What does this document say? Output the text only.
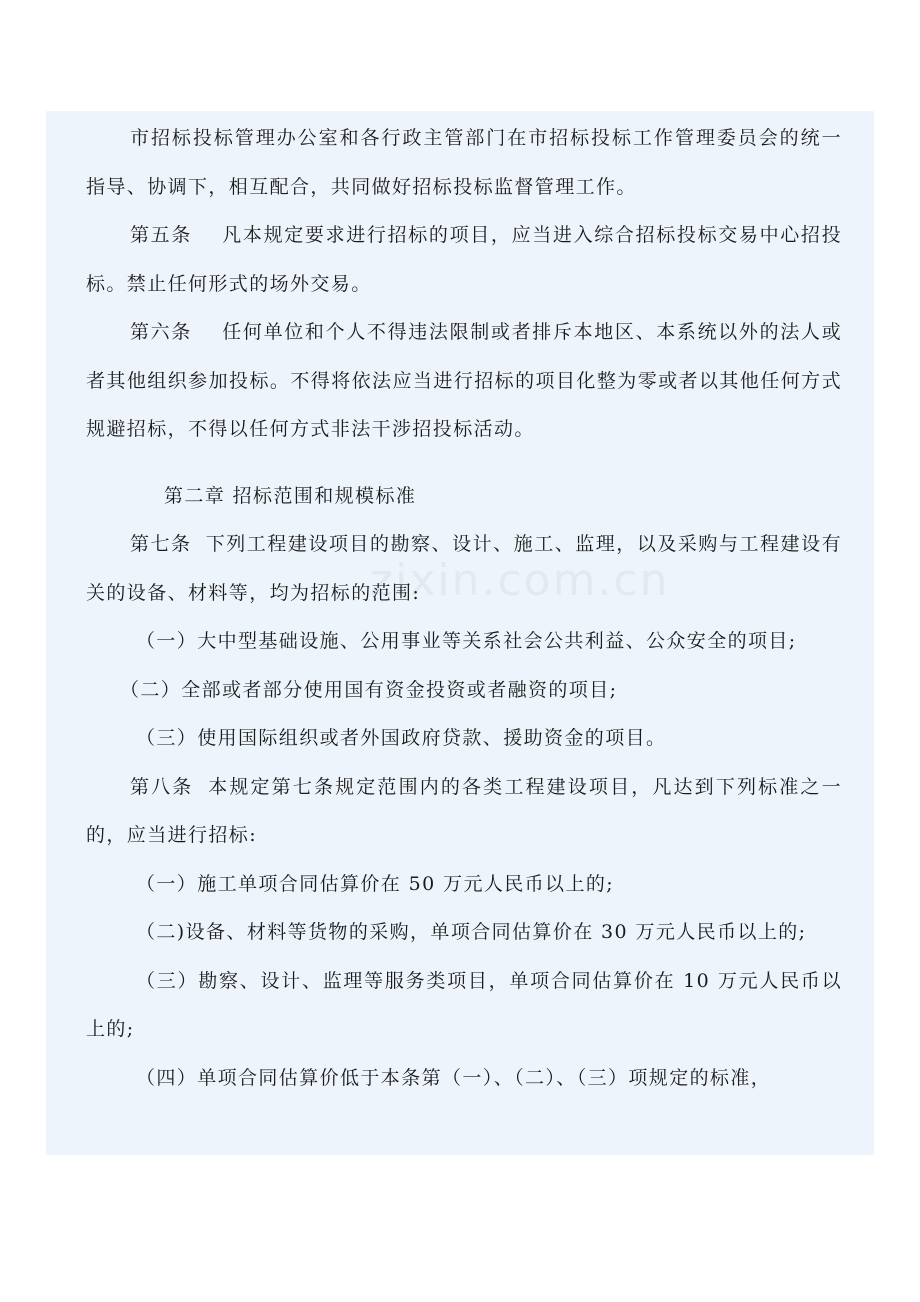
zixin.com.cn

市招标投标管理办公室和各行政主管部门在市招标投标工作管理委员会的统一指导、协调下，相互配合，共同做好招标投标监督管理工作。

第五条 凡本规定要求进行招标的项目，应当进入综合招标投标交易中心招投标。禁止任何形式的场外交易。

第六条 任何单位和个人不得违法限制或者排斥本地区、本系统以外的法人或者其他组织参加投标。不得将依法应当进行招标的项目化整为零或者以其他任何方式规避招标，不得以任何方式非法干涉招投标活动。

第二章 招标范围和规模标准

第七条 下列工程建设项目的勘察、设计、施工、监理，以及采购与工程建设有关的设备、材料等，均为招标的范围:

（一）大中型基础设施、公用事业等关系社会公共利益、公众安全的项目;

（二）全部或者部分使用国有资金投资或者融资的项目;

（三）使用国际组织或者外国政府贷款、援助资金的项目。

第八条 本规定第七条规定范围内的各类工程建设项目，凡达到下列标准之一的，应当进行招标:

（一）施工单项合同估算价在 50 万元人民币以上的;

（二)设备、材料等货物的采购，单项合同估算价在 30 万元人民币以上的;

（三）勘察、设计、监理等服务类项目，单项合同估算价在 10 万元人民币以上的;

（四）单项合同估算价低于本条第（一）、（二）、（三）项规定的标准，
